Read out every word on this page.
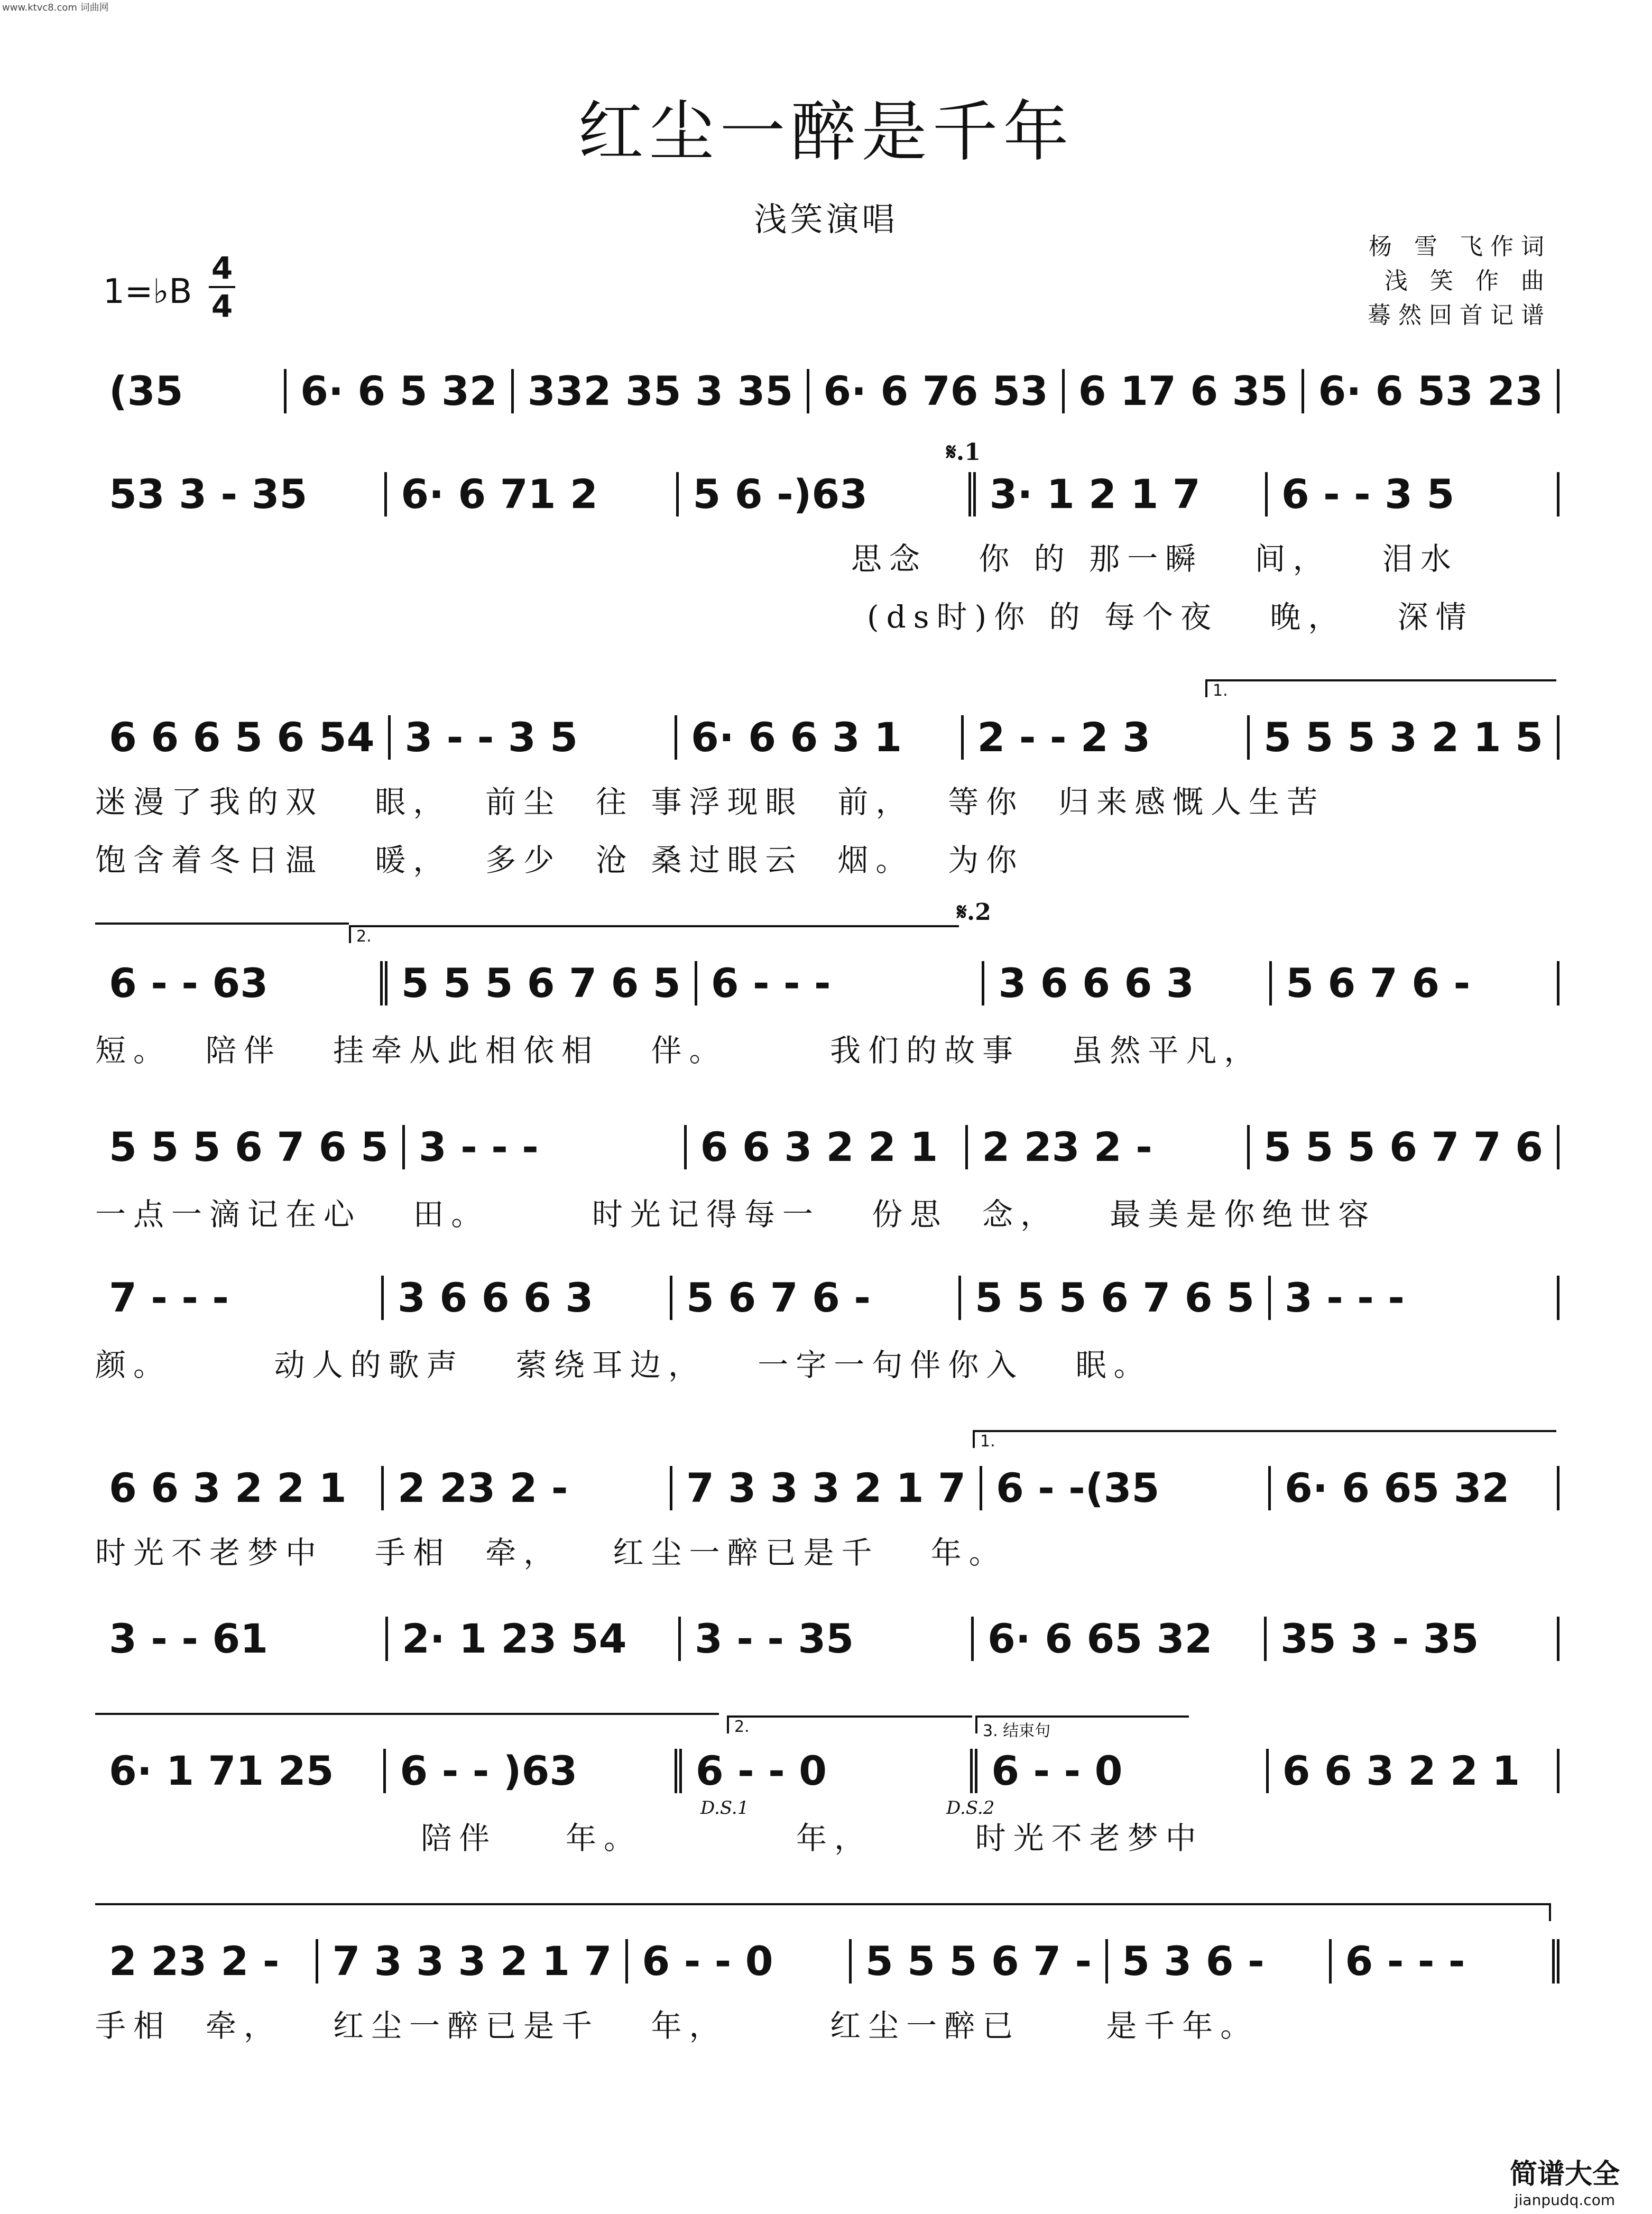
www.ktvc8.com 词曲网
红尘一醉是千年
浅笑演唱
杨 雪 飞作词
浅 笑 作 曲
蓦然回首记谱
1=♭B
4
4
𝄋.1
𝄋.2
1.
2.
1.
2.	3. 结束句
D.S.1	D.S.2
(35	6· 6 5 32 332 35 3 35 6· 6 76 53 6 17 6 35 6· 6 53 23
53 3 - 35	6· 6 71 2	5 6 -)63	3· 1 2 1 7	6 - - 3 5
思念   你 的 那一瞬   间，   泪水
(ds时)你 的 每个夜   晚，   深情
6 6 6 5 6 54 3 - - 3 5	6· 6 6 3 1	2 - - 2 3	5 5 5 3 2 1 5
迷漫了我的双   眼，  前尘  往 事浮现眼  前，  等你  归来感慨人生苦
饱含着冬日温   暖，  多少  沧 桑过眼云  烟。  为你
6 - - 63	5 5 5 6 7 6 5 6 - - -	3 6 6 6 3	5 6 7 6 -
短。  陪伴   挂牵从此相依相   伴。      我们的故事   虽然平凡，
5 5 5 6 7 6 5 3 - - -	6 6 3 2 2 1	2 23 2 -	5 5 5 6 7 7 6
一点一滴记在心   田。      时光记得每一   份思  念，   最美是你绝世容
7 - - -	3 6 6 6 3	5 6 7 6 -	5 5 5 6 7 6 5 3 - - -
颜。      动人的歌声   萦绕耳边，   一字一句伴你入   眠。
6 6 3 2 2 1	2 23 2 -	7 3 3 3 2 1 7 6 - -(35	6· 6 65 32
时光不老梦中   手相  牵，   红尘一醉已是千   年。
3 - - 61	2· 1 23 54	3 - - 35	6· 6 65 32	35 3 - 35
6· 1 71 25	6 - - )63	6 - - 0	6 - - 0	6 6 3 2 2 1
陪伴    年。         年，      时光不老梦中
2 23 2 -	7 3 3 3 2 1 7 6 - - 0	5 5 5 6 7 - 5 3 6 -	6 - - -
手相  牵，   红尘一醉已是千   年，      红尘一醉已     是千年。
简谱大全
jianpudq.com
